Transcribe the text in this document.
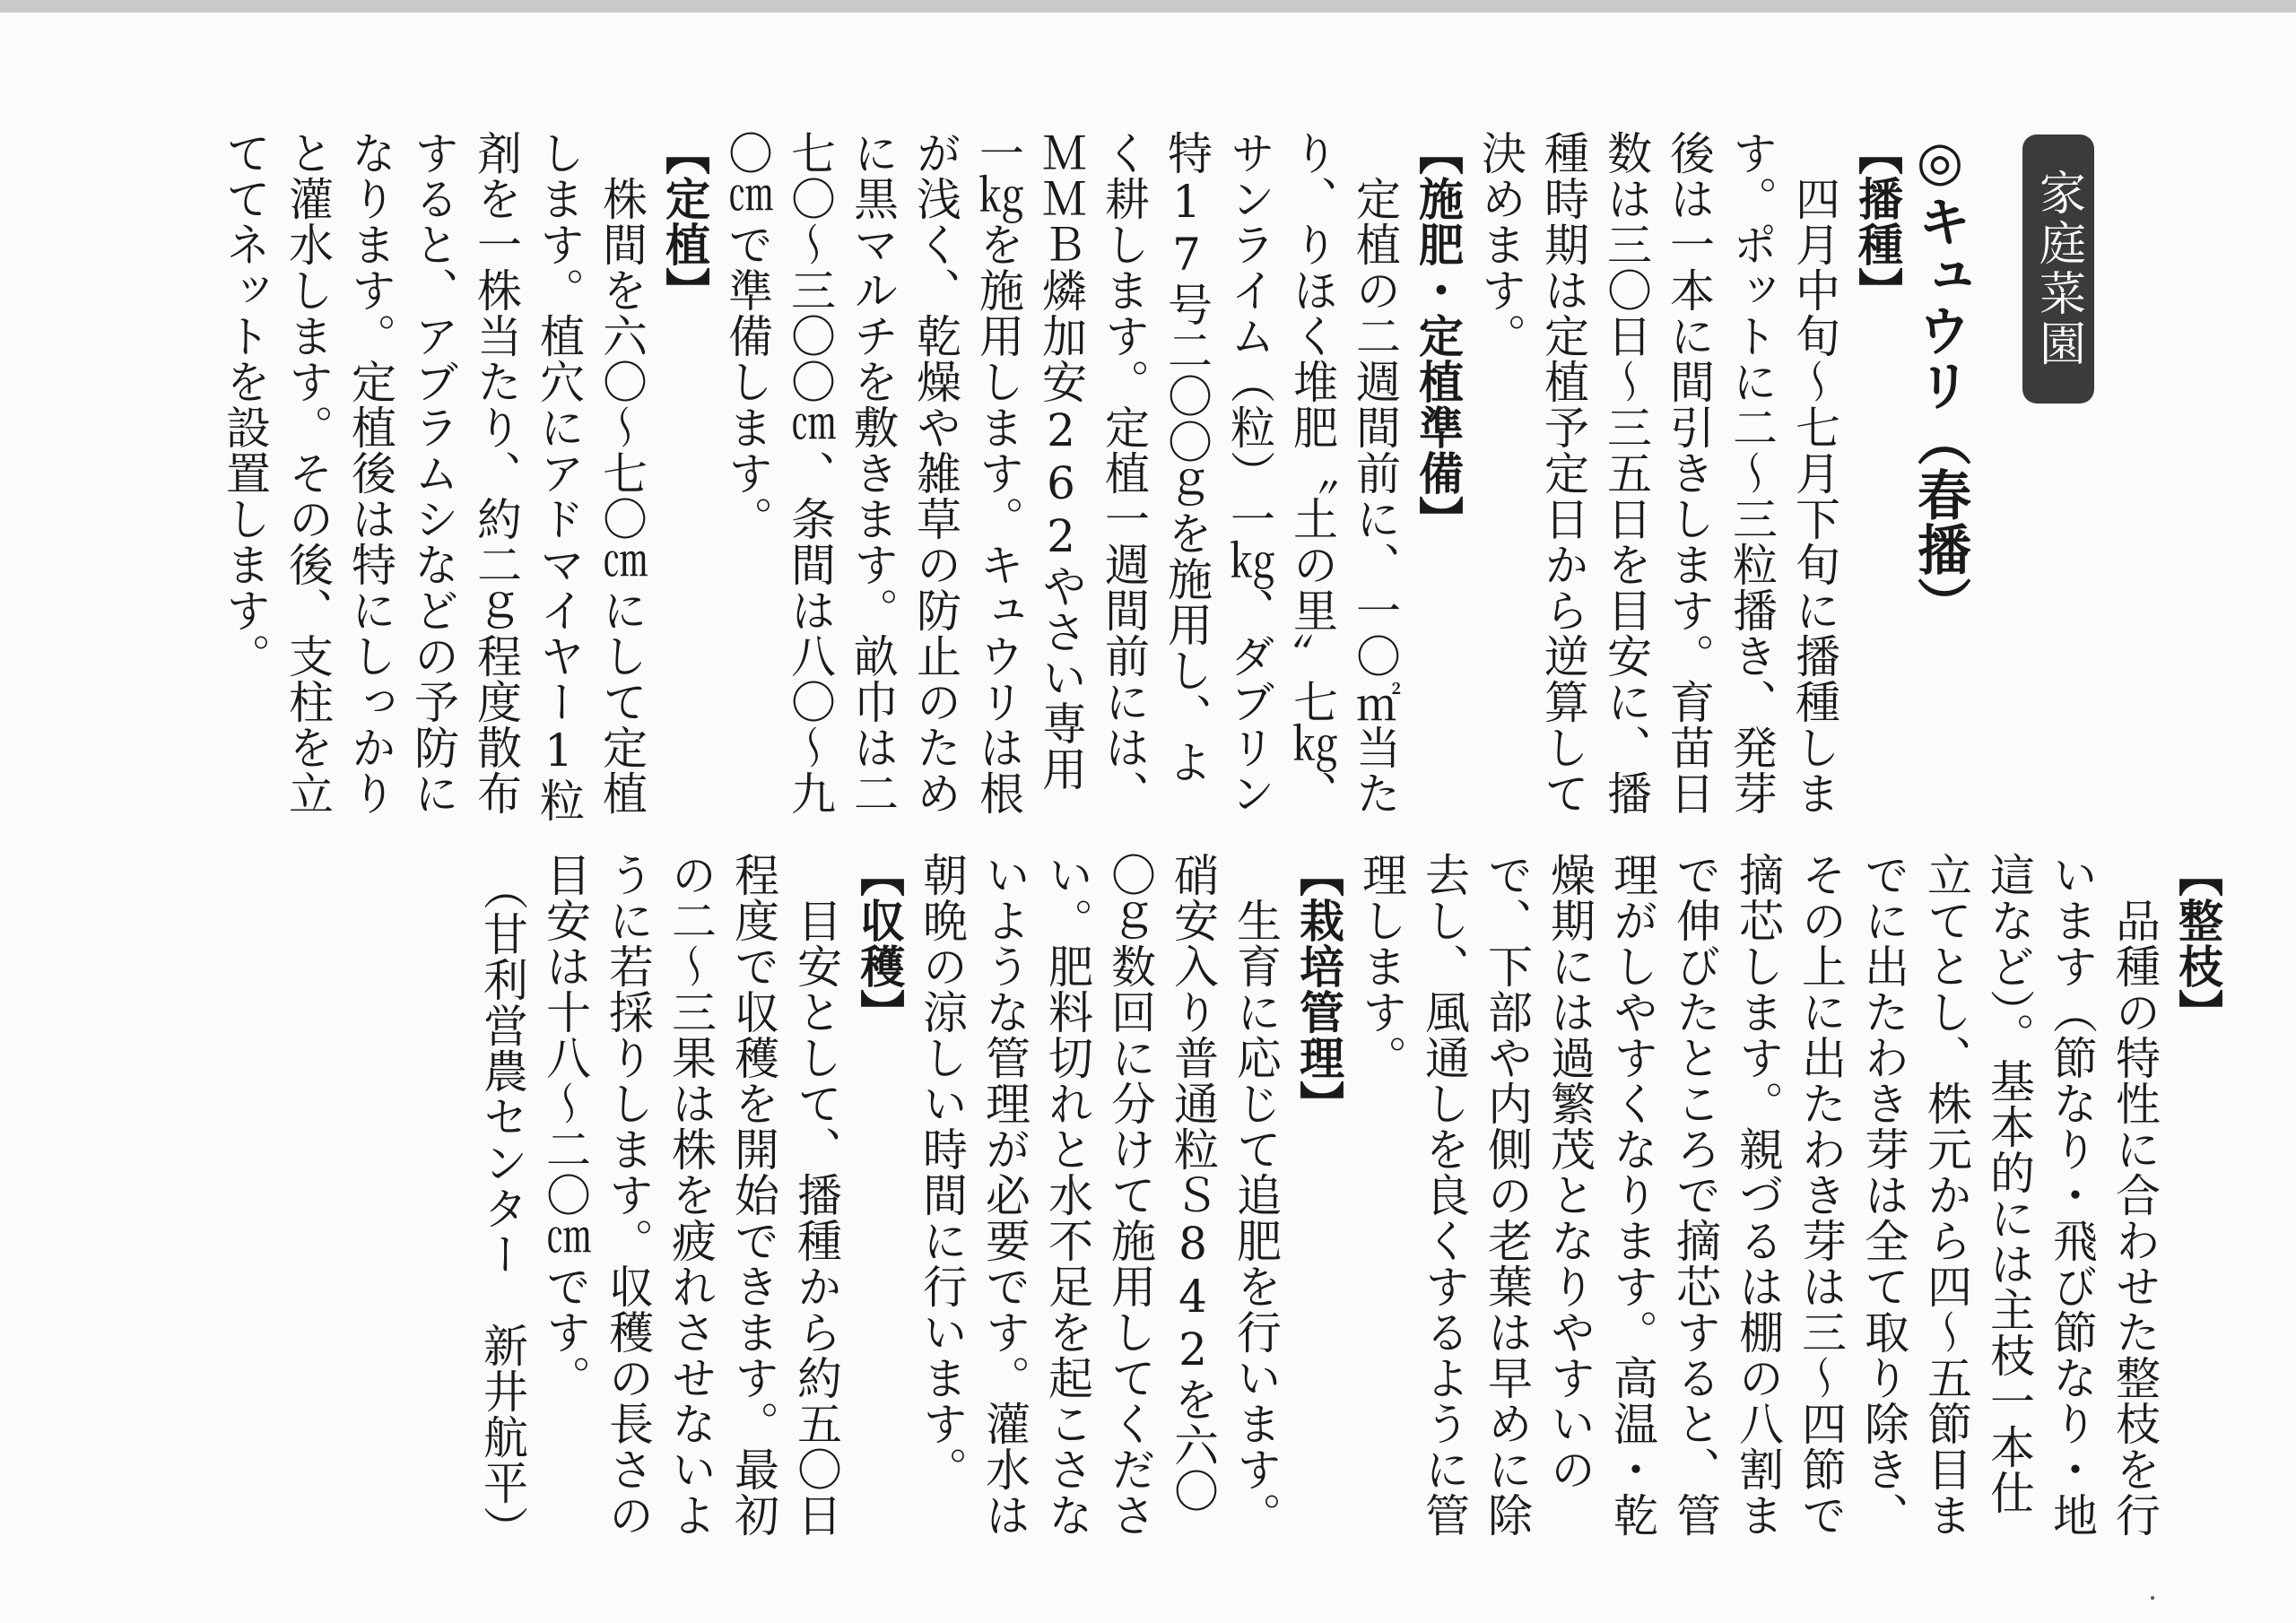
家庭菜園

◎キュウリ（春播）

【播種】

　四月中旬～七月下旬に播種します。ポットに二～三粒播き、発芽後は一本に間引きします。育苗日数は三〇日～三五日を目安に、播種時期は定植予定日から逆算して決めます。

【施肥・定植準備】

　定植の二週間前に、一〇㎡当たり、りほく堆肥〝土の里〟七㎏、サンライム（粒）一㎏、ダブリン特17号二〇〇ｇを施用し、よく耕します。定植一週間前には、ＭＭＢ燐加安262やさい専用一㎏を施用します。キュウリは根が浅く、乾燥や雑草の防止のために黒マルチを敷きます。畝巾は二七〇～三〇〇㎝、条間は八〇～九〇㎝で準備します。

【定植】

　株間を六〇～七〇㎝にして定植します。植穴にアドマイヤー1粒剤を一株当たり、約二ｇ程度散布すると、アブラムシなどの予防になります。定植後は特にしっかりと灌水します。その後、支柱を立ててネットを設置します。

【整枝】

　品種の特性に合わせた整枝を行います（節なり・飛び節なり・地這など）。基本的には主枝一本仕立てとし、株元から四～五節目までに出たわき芽は全て取り除き、その上に出たわき芽は三～四節で摘芯します。親づるは棚の八割まで伸びたところで摘芯すると、管理がしやすくなります。高温・乾燥期には過繁茂となりやすいので、下部や内側の老葉は早めに除去し、風通しを良くするように管理します。

【栽培管理】

　生育に応じて追肥を行います。硝安入り普通粒Ｓ842を六〇〇ｇ数回に分けて施用してください。肥料切れと水不足を起こさないような管理が必要です。灌水は朝晩の涼しい時間に行います。

【収穫】

　目安として、播種から約五〇日程度で収穫を開始できます。最初の二～三果は株を疲れさせないように若採りします。収穫の長さの目安は十八～二〇㎝です。

（甘利営農センター　新井航平）
